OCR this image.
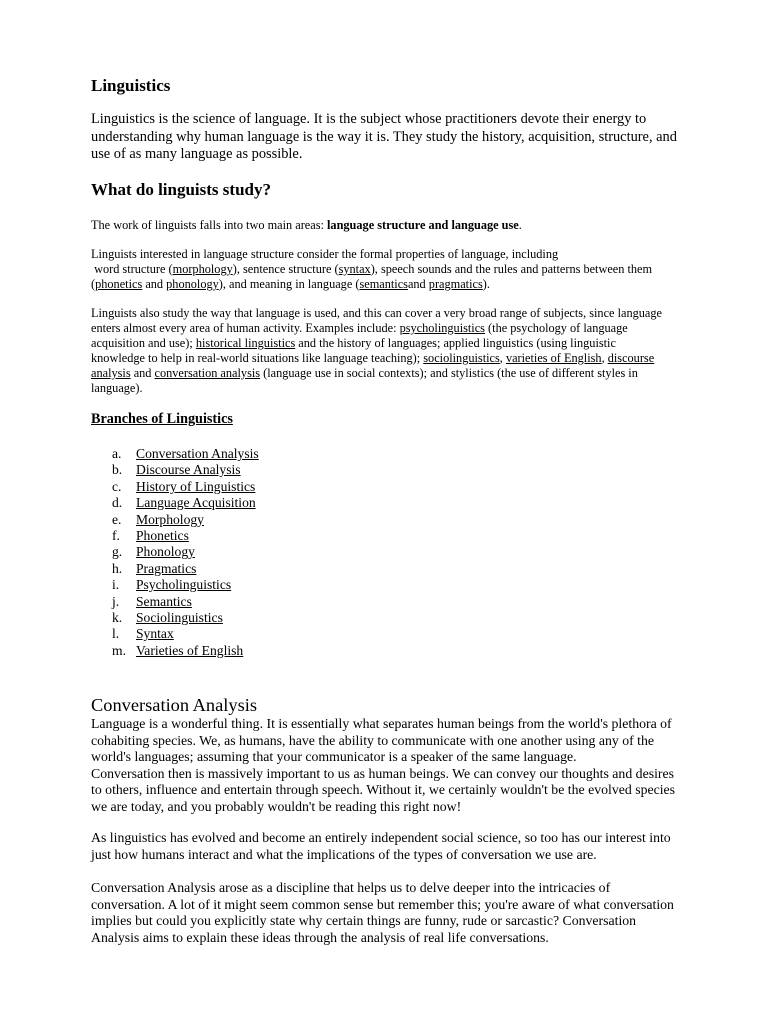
Linguistics

Linguistics is the science of language. It is the subject whose practitioners devote their energy to understanding why human language is the way it is. They study the history, acquisition, structure, and use of as many language as possible.

What do linguists study?

The work of linguists falls into two main areas: language structure and language use.

Linguists interested in language structure consider the formal properties of language, including
word structure (morphology), sentence structure (syntax), speech sounds and the rules and patterns between them (phonetics and phonology), and meaning in language (semanticsand pragmatics).

Linguists also study the way that language is used, and this can cover a very broad range of subjects, since language enters almost every area of human activity. Examples include: psycholinguistics (the psychology of language acquisition and use); historical linguistics and the history of languages; applied linguistics (using linguistic knowledge to help in real-world situations like language teaching); sociolinguistics, varieties of English, discourse analysis and conversation analysis (language use in social contexts); and stylistics (the use of different styles in language).

Branches of Linguistics
a.	Conversation Analysis
b.	Discourse Analysis
c.	History of Linguistics
d.	Language Acquisition
e.	Morphology
f.	Phonetics
g.	Phonology
h.	Pragmatics
i.	Psycholinguistics
j.	Semantics
k.	Sociolinguistics
l.	Syntax
m. Varieties of English
Conversation Analysis

Language is a wonderful thing. It is essentially what separates human beings from the world's plethora of cohabiting species. We, as humans, have the ability to communicate with one another using any of the world's languages; assuming that your communicator is a speaker of the same language.
Conversation then is massively important to us as human beings. We can convey our thoughts and desires to others, influence and entertain through speech. Without it, we certainly wouldn't be the evolved species we are today, and you probably wouldn't be reading this right now!

As linguistics has evolved and become an entirely independent social science, so too has our interest into just how humans interact and what the implications of the types of conversation we use are.

Conversation Analysis arose as a discipline that helps us to delve deeper into the intricacies of conversation. A lot of it might seem common sense but remember this; you're aware of what conversation implies but could you explicitly state why certain things are funny, rude or sarcastic? Conversation Analysis aims to explain these ideas through the analysis of real life conversations.
